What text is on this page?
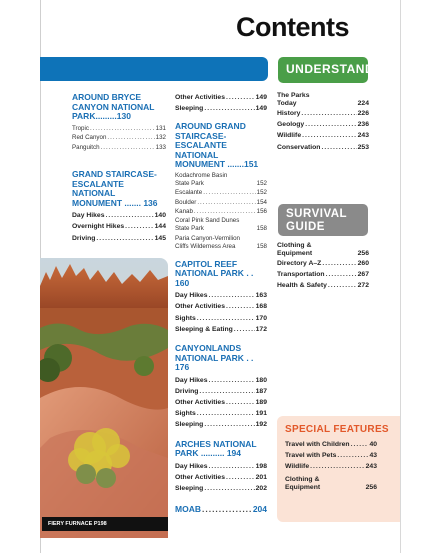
Contents
UNDERSTAND
SURVIVAL GUIDE
AROUND BRYCE CANYON NATIONAL PARK.........130
Tropic .....	131
Red Canyon .....	132
Panguitch .....	133
GRAND STAIRCASE-ESCALANTE NATIONAL MONUMENT ....... 136
Day Hikes .....	140
Overnight Hikes .....	144
Driving .....	145
FIERY FURNACE P198
Other Activities .....	149
Sleeping .....	149
AROUND GRAND STAIRCASE-ESCALANTE NATIONAL MONUMENT .......151
Kodachrome Basin
State Park	152
Escalante .....	152
Boulder .....	154
Kanab .....	156
Coral Pink Sand Dunes
State Park	158
Paria Canyon-Vermilion
Cliffs Wilderness Area	158
CAPITOL REEF NATIONAL PARK . . 160
Day Hikes .....	163
Other Activities .....	168
Sights .....	170
Sleeping & Eating .....	172
CANYONLANDS NATIONAL PARK . . 176
Day Hikes .....	180
Driving .....	187
Other Activities .....	189
Sights .....	191
Sleeping .....	192
ARCHES NATIONAL PARK .......... 194
Day Hikes .....	198
Other Activities .....	201
Sleeping .....	202
MOAB .....	204
The Parks
Today	224
History .....	226
Geology .....	236
Wildlife .....	243
Conservation .....	253
Clothing &
Equipment	256
Directory A–Z .....	260
Transportation .....	267
Health & Safety .....	272
SPECIAL FEATURES
Travel with Children .....	40
Travel with Pets .....	43
Wildlife .....	243
Clothing &
Equipment	256
